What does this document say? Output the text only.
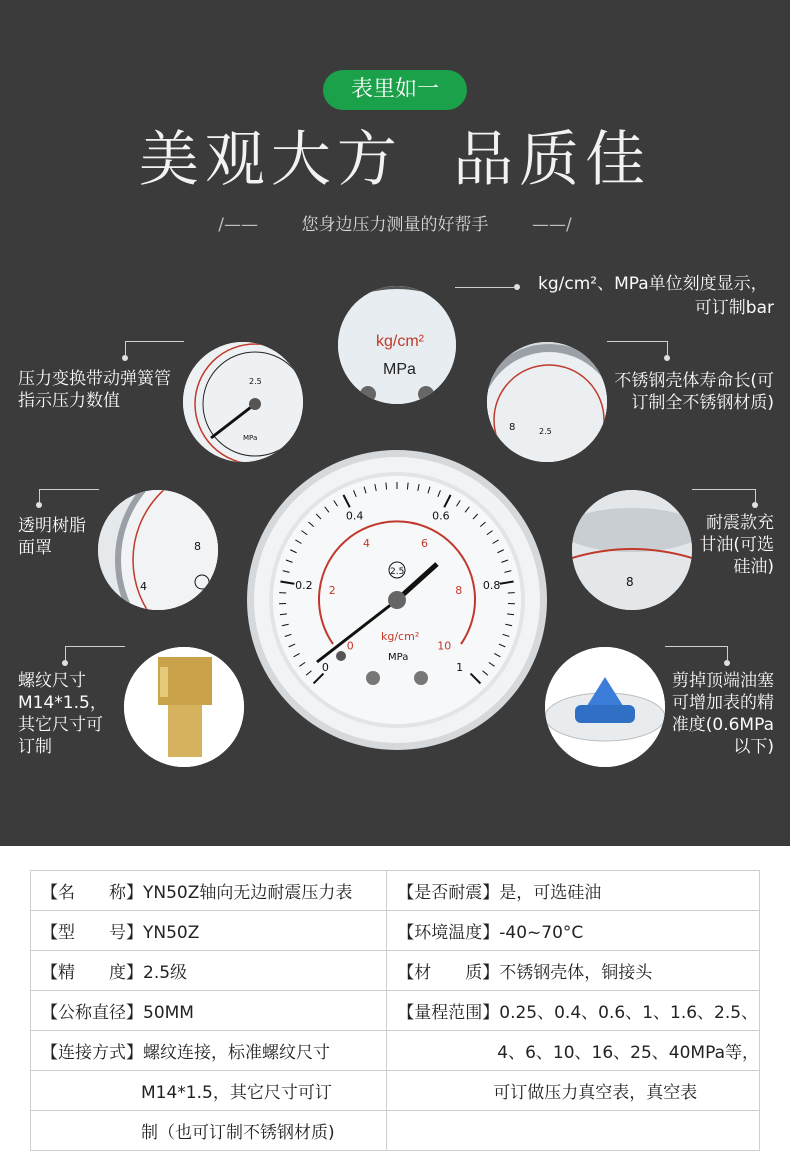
表里如一
美观大方  品质佳
/——	您身边压力测量的好帮手	——/
kg/cm²
MPa
2.5
MPa
8	2.5
8
4	8
0
0.2
0.4	0.6
0.8
1
0
2
4	6
8
10
2.5
kg/cm²
MPa
kg/cm²、MPa单位刻度显示，
可订制bar
压力变换带动弹簧管
指示压力数值
不锈钢壳体寿命长(可
订制全不锈钢材质)
透明树脂
面罩
耐震款充
甘油(可选
硅油)
螺纹尺寸
M14*1.5，
其它尺寸可
订制
剪掉顶端油塞
可增加表的精
准度(0.6MPa
以下)
【名　　称】YN50Z轴向无边耐震压力表	【是否耐震】是，可选硅油
【型　　号】YN50Z	【环境温度】-40~70°C
【精　　度】2.5级	【材　　质】不锈钢壳体，铜接头
【公称直径】50MM	【量程范围】0.25、0.4、0.6、1、1.6、2.5、
【连接方式】螺纹连接，标准螺纹尺寸	4、6、10、16、25、40MPa等，
M14*1.5，其它尺寸可订	可订做压力真空表，真空表
制（也可订制不锈钢材质)	
